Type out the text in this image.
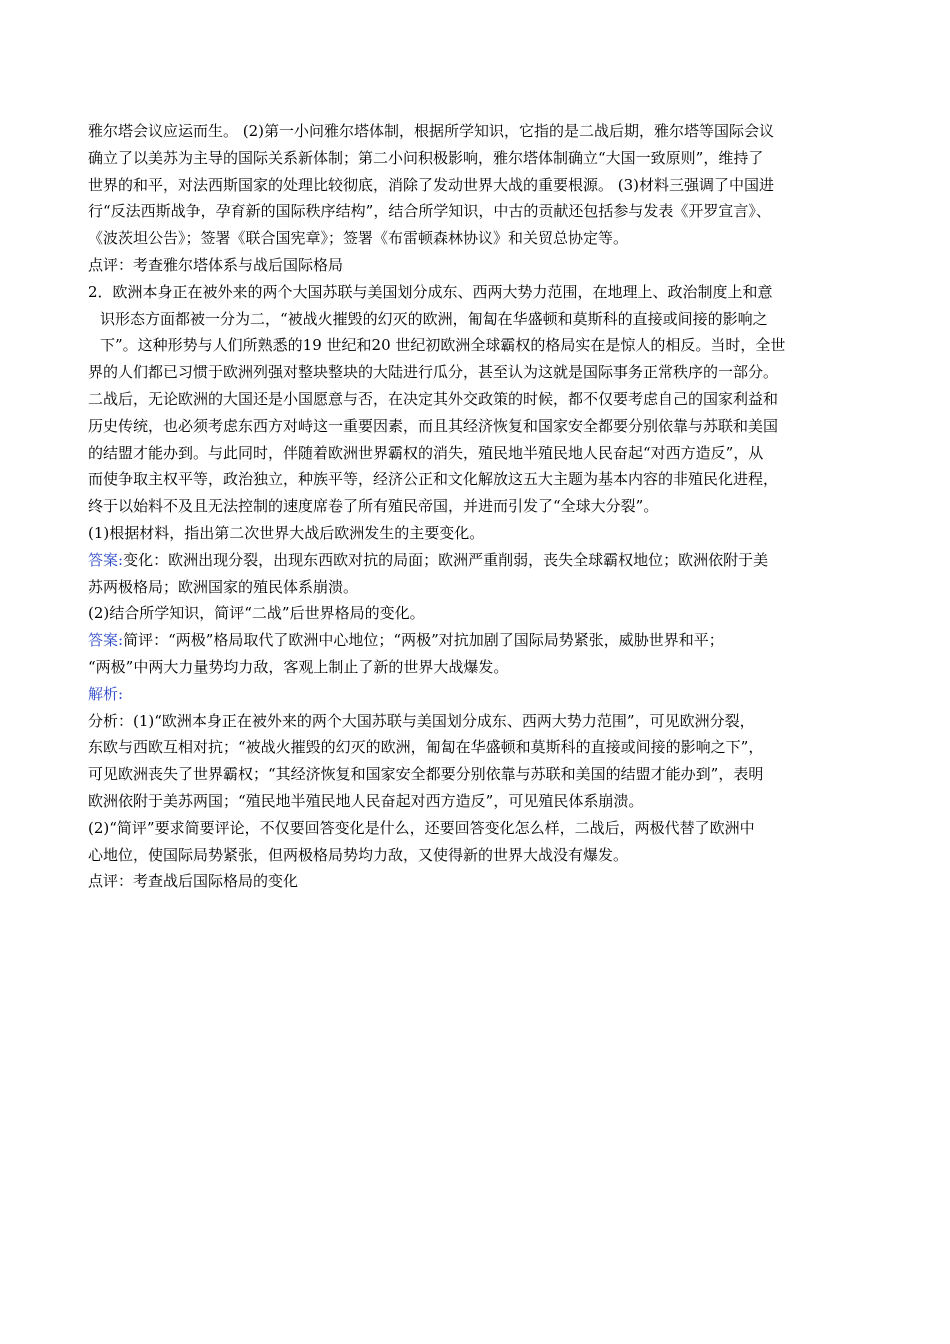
雅尔塔会议应运而生。 (2)第一小问雅尔塔体制，根据所学知识，它指的是二战后期，雅尔塔等国际会议
确立了以美苏为主导的国际关系新体制；第二小问积极影响，雅尔塔体制确立“大国一致原则”，维持了
世界的和平，对法西斯国家的处理比较彻底，消除了发动世界大战的重要根源。 (3)材料三强调了中国进
行“反法西斯战争，孕育新的国际秩序结构”，结合所学知识，中古的贡献还包括参与发表《开罗宣言》、
《波茨坦公告》；签署《联合国宪章》；签署《布雷顿森林协议》和关贸总协定等。
点评：考查雅尔塔体系与战后国际格局
2．欧洲本身正在被外来的两个大国苏联与美国划分成东、西两大势力范围，在地理上、政治制度上和意
识形态方面都被一分为二，“被战火摧毁的幻灭的欧洲，匍匐在华盛顿和莫斯科的直接或间接的影响之
下”。这种形势与人们所熟悉的19 世纪和20 世纪初欧洲全球霸权的格局实在是惊人的相反。当时，全世
界的人们都已习惯于欧洲列强对整块整块的大陆进行瓜分，甚至认为这就是国际事务正常秩序的一部分。
二战后，无论欧洲的大国还是小国愿意与否，在决定其外交政策的时候，都不仅要考虑自己的国家利益和
历史传统，也必须考虑东西方对峙这一重要因素，而且其经济恢复和国家安全都要分别依靠与苏联和美国
的结盟才能办到。与此同时，伴随着欧洲世界霸权的消失，殖民地半殖民地人民奋起“对西方造反”，从
而使争取主权平等，政治独立，种族平等，经济公正和文化解放这五大主题为基本内容的非殖民化进程，
终于以始料不及且无法控制的速度席卷了所有殖民帝国，并进而引发了“全球大分裂”。
(1)根据材料，指出第二次世界大战后欧洲发生的主要变化。
答案:变化：欧洲出现分裂，出现东西欧对抗的局面；欧洲严重削弱，丧失全球霸权地位；欧洲依附于美
苏两极格局；欧洲国家的殖民体系崩溃。
(2)结合所学知识，简评“二战”后世界格局的变化。
答案:简评：“两极”格局取代了欧洲中心地位；“两极”对抗加剧了国际局势紧张，威胁世界和平；
“两极”中两大力量势均力敌，客观上制止了新的世界大战爆发。
解析:
分析：(1)“欧洲本身正在被外来的两个大国苏联与美国划分成东、西两大势力范围”，可见欧洲分裂，
东欧与西欧互相对抗；“被战火摧毁的幻灭的欧洲，匍匐在华盛顿和莫斯科的直接或间接的影响之下”，
可见欧洲丧失了世界霸权；“其经济恢复和国家安全都要分别依靠与苏联和美国的结盟才能办到”，表明
欧洲依附于美苏两国；“殖民地半殖民地人民奋起对西方造反”，可见殖民体系崩溃。
(2)“简评”要求简要评论，不仅要回答变化是什么，还要回答变化怎么样，二战后，两极代替了欧洲中
心地位，使国际局势紧张，但两极格局势均力敌，又使得新的世界大战没有爆发。
点评：考查战后国际格局的变化
